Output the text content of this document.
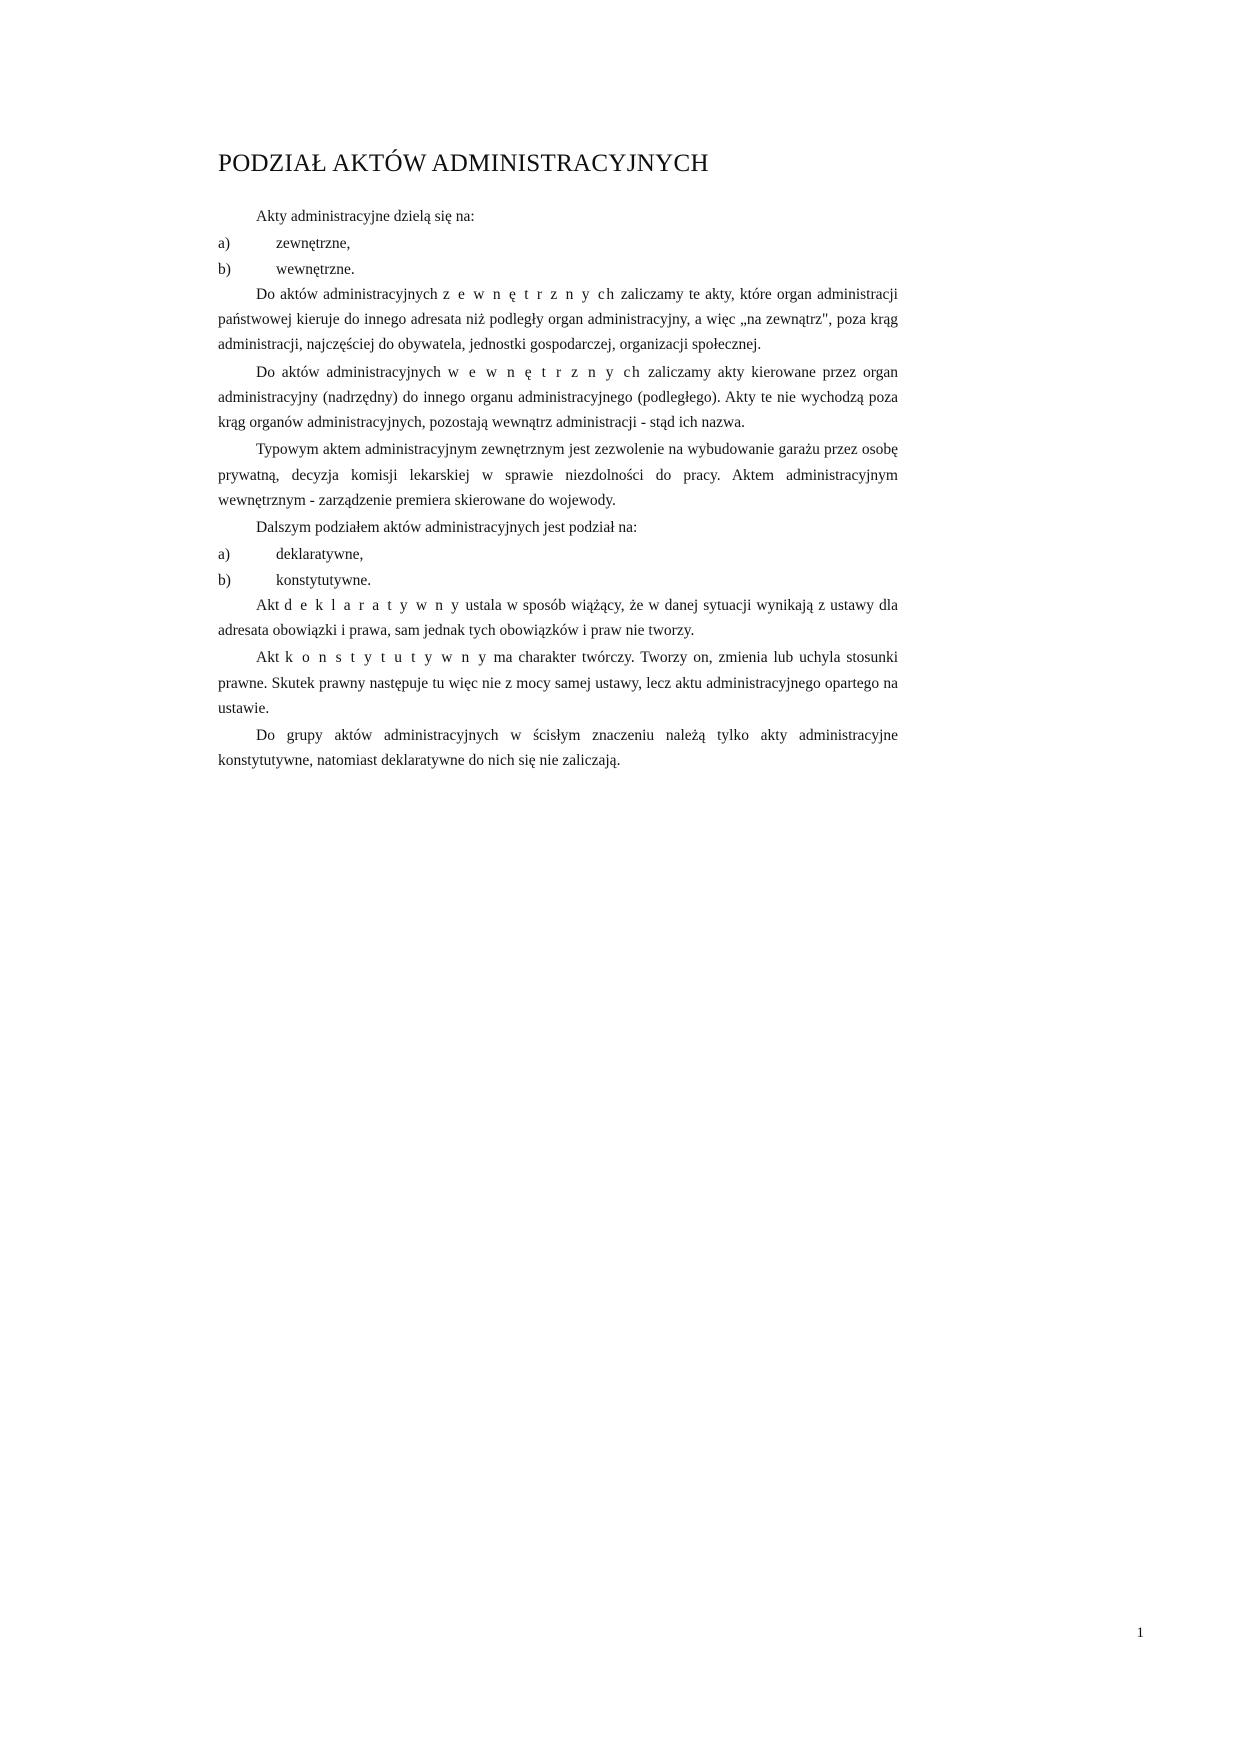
PODZIAŁ AKTÓW ADMINISTRACYJNYCH

Akty administracyjne dzielą się na:

a)	zewnętrzne,
b)	wewnętrzne.

Do aktów administracyjnych z e w n ę t r z n y ch zaliczamy te akty, które organ administracji państwowej kieruje do innego adresata niż podległy organ administracyjny, a więc „na zewnątrz", poza krąg administracji, najczęściej do obywatela, jednostki gospodarczej, organizacji społecznej.

Do aktów administracyjnych w e w n ę t r z n y ch zaliczamy akty kierowane przez organ administracyjny (nadrzędny) do innego organu administracyjnego (podległego). Akty te nie wychodzą poza krąg organów administracyjnych, pozostają wewnątrz administracji - stąd ich nazwa.

Typowym aktem administracyjnym zewnętrznym jest zezwolenie na wybudowanie garażu przez osobę prywatną, decyzja komisji lekarskiej w sprawie niezdolności do pracy. Aktem administracyjnym wewnętrznym - zarządzenie premiera skierowane do wojewody.

Dalszym podziałem aktów administracyjnych jest podział na:

a)	deklaratywne,
b)	konstytutywne.

Akt d e k l a r a t y w n y ustala w sposób wiążący, że w danej sytuacji wynikają z ustawy dla adresata obowiązki i prawa, sam jednak tych obowiązków i praw nie tworzy.

Akt k o n s t y t u t y w n y ma charakter twórczy. Tworzy on, zmienia lub uchyla stosunki prawne. Skutek prawny następuje tu więc nie z mocy samej ustawy, lecz aktu administracyjnego opartego na ustawie.

Do grupy aktów administracyjnych w ścisłym znaczeniu należą tylko akty administracyjne konstytutywne, natomiast deklaratywne do nich się nie zaliczają.

1
